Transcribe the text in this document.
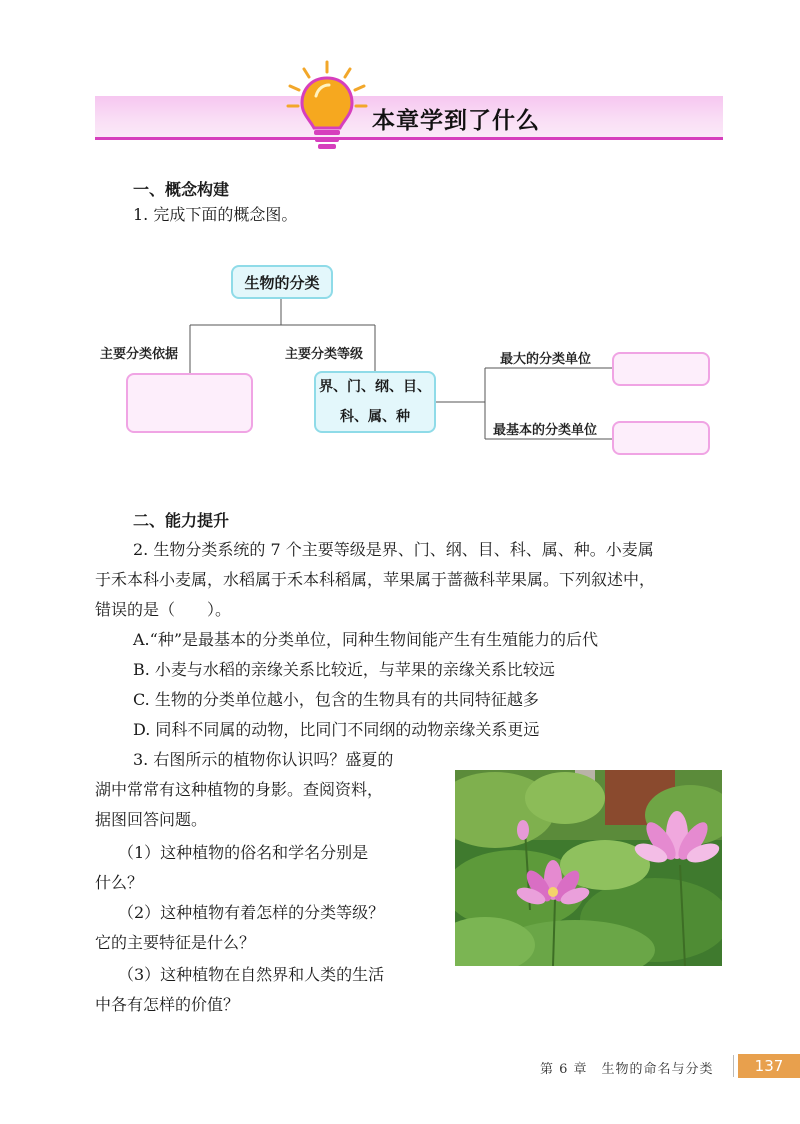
本章学到了什么
一、概念构建
1. 完成下面的概念图。
生物的分类
主要分类依据	主要分类等级
界、门、纲、目、
科、属、种
最大的分类单位
最基本的分类单位
二、能力提升
2. 生物分类系统的 7 个主要等级是界、门、纲、目、科、属、种。小麦属
于禾本科小麦属，水稻属于禾本科稻属，苹果属于蔷薇科苹果属。下列叙述中，
错误的是（　　）。
A.“种”是最基本的分类单位，同种生物间能产生有生殖能力的后代
B. 小麦与水稻的亲缘关系比较近，与苹果的亲缘关系比较远
C. 生物的分类单位越小，包含的生物具有的共同特征越多
D. 同科不同属的动物，比同门不同纲的动物亲缘关系更远
3. 右图所示的植物你认识吗？盛夏的
湖中常常有这种植物的身影。查阅资料，
据图回答问题。
（1）这种植物的俗名和学名分别是
什么？
（2）这种植物有着怎样的分类等级？
它的主要特征是什么？
（3）这种植物在自然界和人类的生活
中各有怎样的价值？
第 6 章　生物的命名与分类	137
